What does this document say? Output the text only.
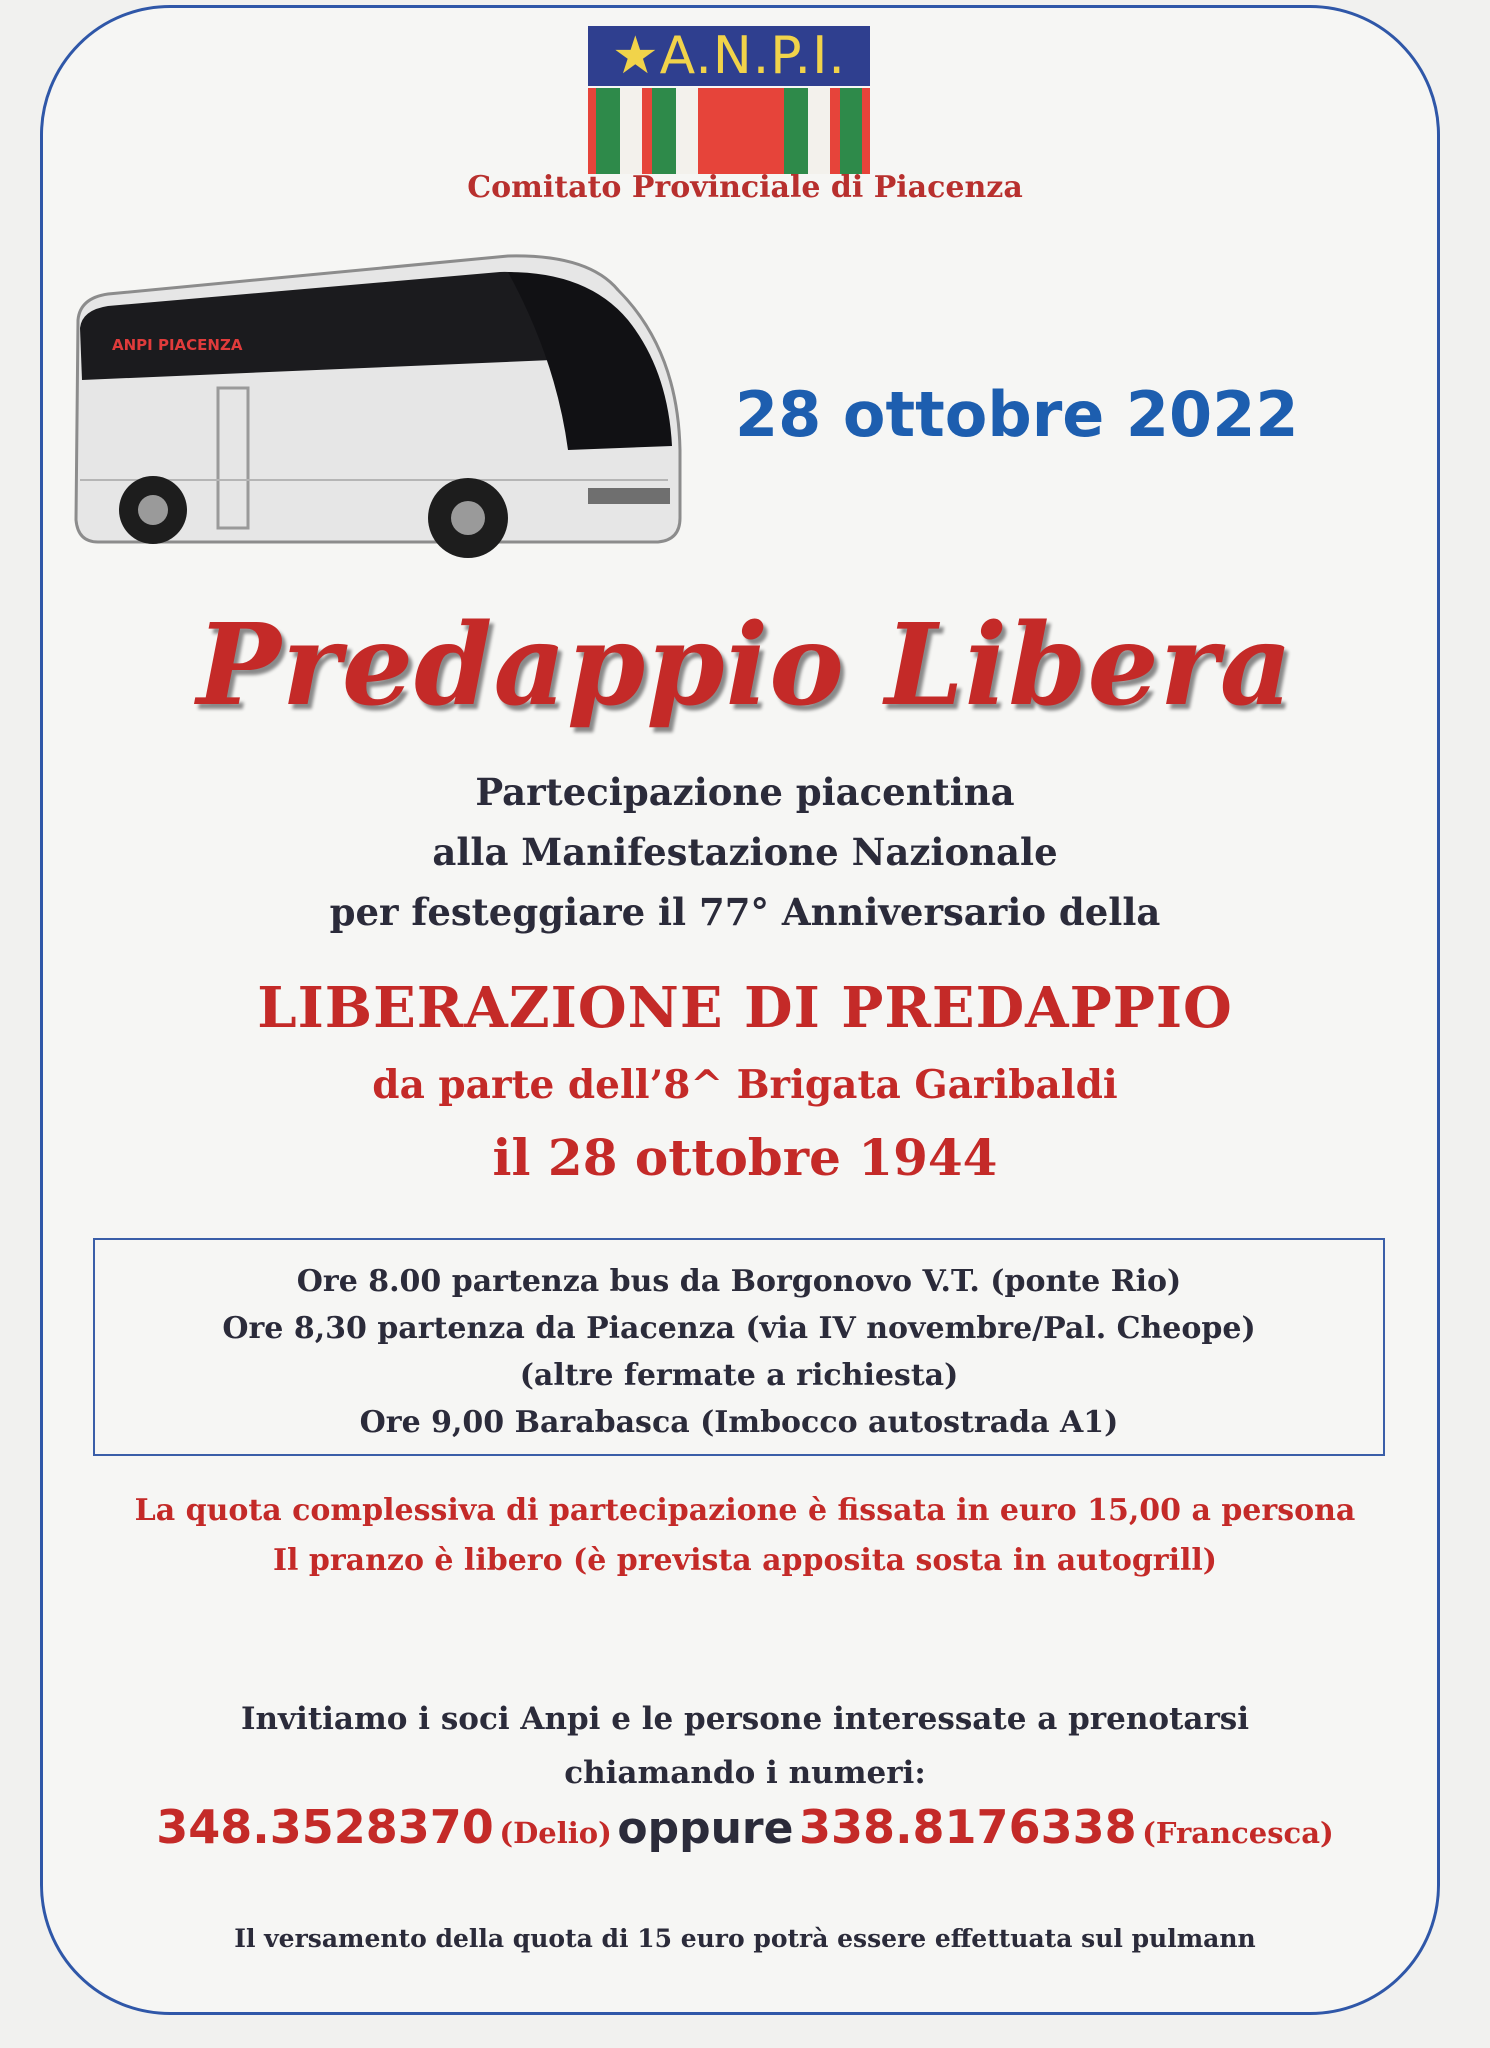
★A.N.P.I.
Comitato Provinciale di Piacenza
ANPI PIACENZA
28 ottobre 2022
Predappio Libera
Partecipazione piacentina
alla Manifestazione Nazionale
per festeggiare il 77° Anniversario della
LIBERAZIONE DI PREDAPPIO
da parte dell’8^ Brigata Garibaldi
il 28 ottobre 1944
Ore 8.00 partenza bus da Borgonovo V.T. (ponte Rio)
Ore 8,30 partenza da Piacenza (via IV novembre/Pal. Cheope)
(altre fermate a richiesta)
Ore 9,00 Barabasca (Imbocco autostrada A1)
La quota complessiva di partecipazione è fissata in euro 15,00 a persona
Il pranzo è libero (è prevista apposita sosta in autogrill)
Invitiamo i soci Anpi e le persone interessate a prenotarsi
chiamando i numeri:
348.3528370 (Delio) oppure 338.8176338 (Francesca)
Il versamento della quota di 15 euro potrà essere effettuata sul pulmann
